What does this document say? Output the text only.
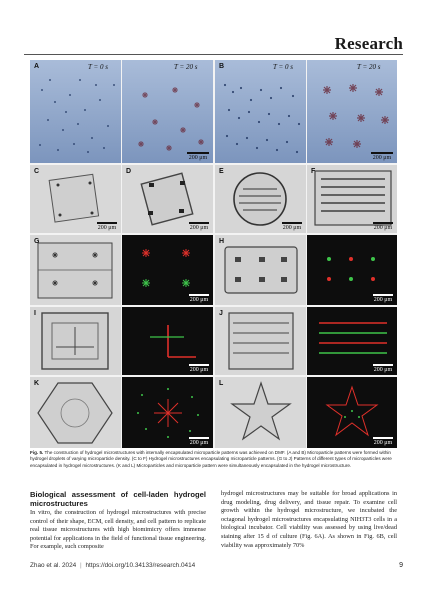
Research
A	T = 0 s	T = 20 s
200 μm
B	T = 0 s	T = 20 s
200 μm
C
200 μm
D
200 μm
E
200 μm
F
200 μm
G
200 μm
H
200 μm
I
200 μm
J
200 μm
K
200 μm
L
200 μm
Fig. 5. The construction of hydrogel microstructures with internally encapsulated microparticle patterns was achieved on DMF. (A and B) Microparticle patterns were formed within hydrogel droplets of varying microparticle density. (C to F) Hydrogel microstructures encapsulating microparticle patterns. (G to J) Patterns of different types of microparticles were encapsulated in hydrogel microstructures. (K and L) Microparticles and microparticle pattern were simultaneously encapsulated in the hydrogel microstructure.
Biological assessment of cell-laden hydrogel microstructures
In vitro, the construction of hydrogel microstructures with precise control of their shape, ECM, cell density, and cell pattern to replicate real tissue microstructures with high biomimicry offers immense potential for applications in the field of functional tissue engineering. For example, such composite
hydrogel microstructures may be suitable for broad applications in drug modeling, drug delivery, and tissue repair. To examine cell growth within the hydrogel microstructure, we incubated the octagonal hydrogel microstructures encapsulating NIH3T3 cells in a biological incubator. Cell viability was assessed by using live/dead staining after 15 d of culture (Fig. 6A). As shown in Fig. 6B, cell viability was approximately 70%
Zhao et al. 2024 | https://doi.org/10.34133/research.0414	9
